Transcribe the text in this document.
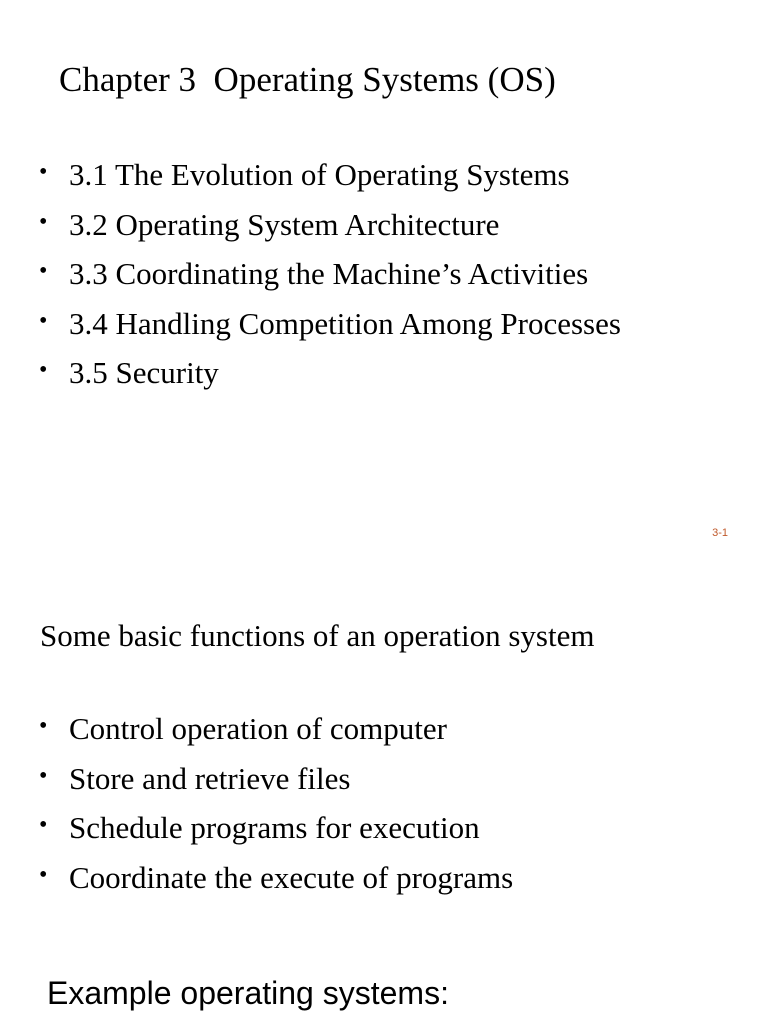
Chapter 3  Operating Systems (OS)
• 3.1 The Evolution of Operating Systems
• 3.2 Operating System Architecture
• 3.3 Coordinating the Machine’s Activities
• 3.4 Handling Competition Among Processes
• 3.5 Security
3-1
Some basic functions of an operation system
• Control operation of computer
• Store and retrieve files
• Schedule programs for execution
• Coordinate the execute of programs
Example operating systems:
